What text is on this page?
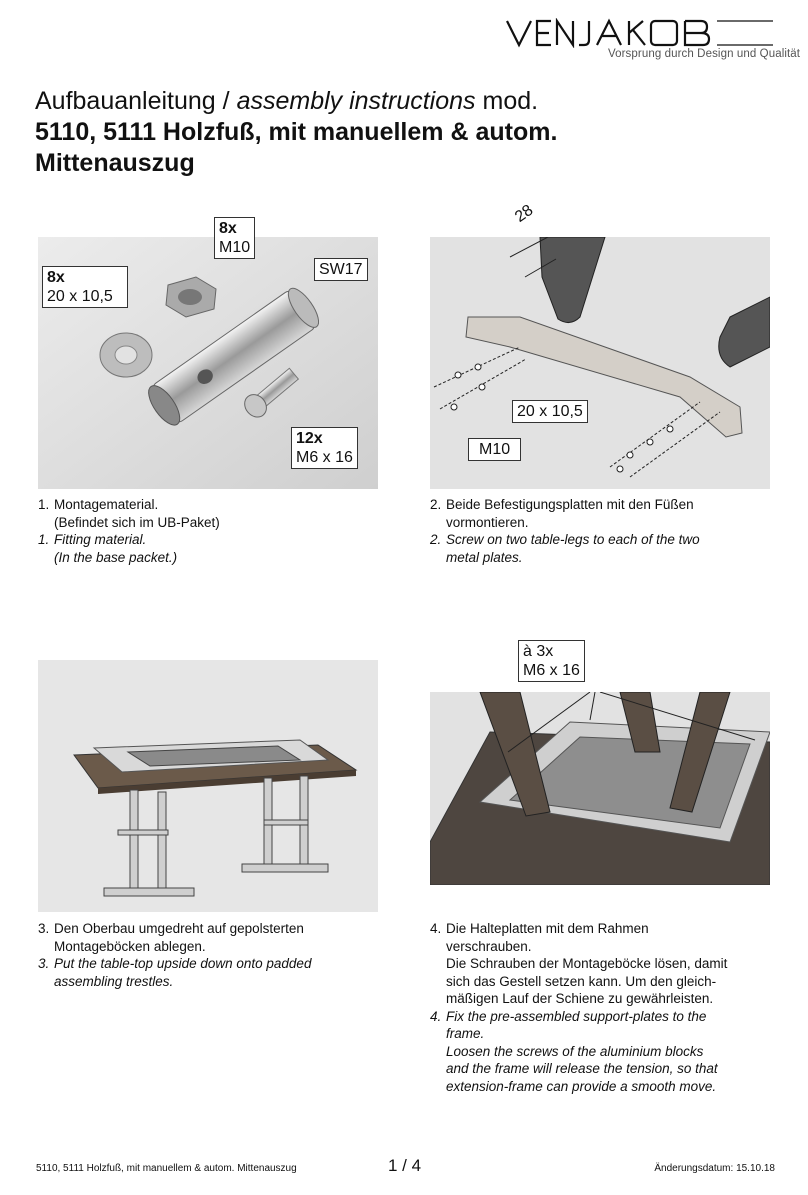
Vorsprung durch Design und Qualität
Aufbauanleitung / assembly instructions mod.
5110, 5111 Holzfuß, mit manuellem & autom.
Mittenauszug
8x
M10
8x
20 x 10,5
SW17
12x
M6 x 16
28
20 x 10,5
M10
à 3x
M6 x 16
1. Montagematerial.
(Befindet sich im UB-Paket)
1. Fitting material.
(In the base packet.)
2. Beide Befestigungsplatten mit den Füßen
vormontieren.
2. Screw on two table-legs to each of the two
metal plates.
3. Den Oberbau umgedreht auf gepolsterten
Montageböcken ablegen.
3. Put the table-top upside down onto padded
assembling trestles.
4. Die Halteplatten mit dem Rahmen
verschrauben.
Die Schrauben der Montageböcke lösen, damit
sich das Gestell setzen kann. Um den gleich-
mäßigen Lauf der Schiene zu gewährleisten.
4. Fix the pre-assembled support-plates to the
frame.
Loosen the screws of the aluminium blocks
and the frame will release the tension, so that
extension-frame can provide a smooth move.
5110, 5111 Holzfuß, mit manuellem & autom. Mittenauszug	1 / 4	Änderungsdatum: 15.10.18
